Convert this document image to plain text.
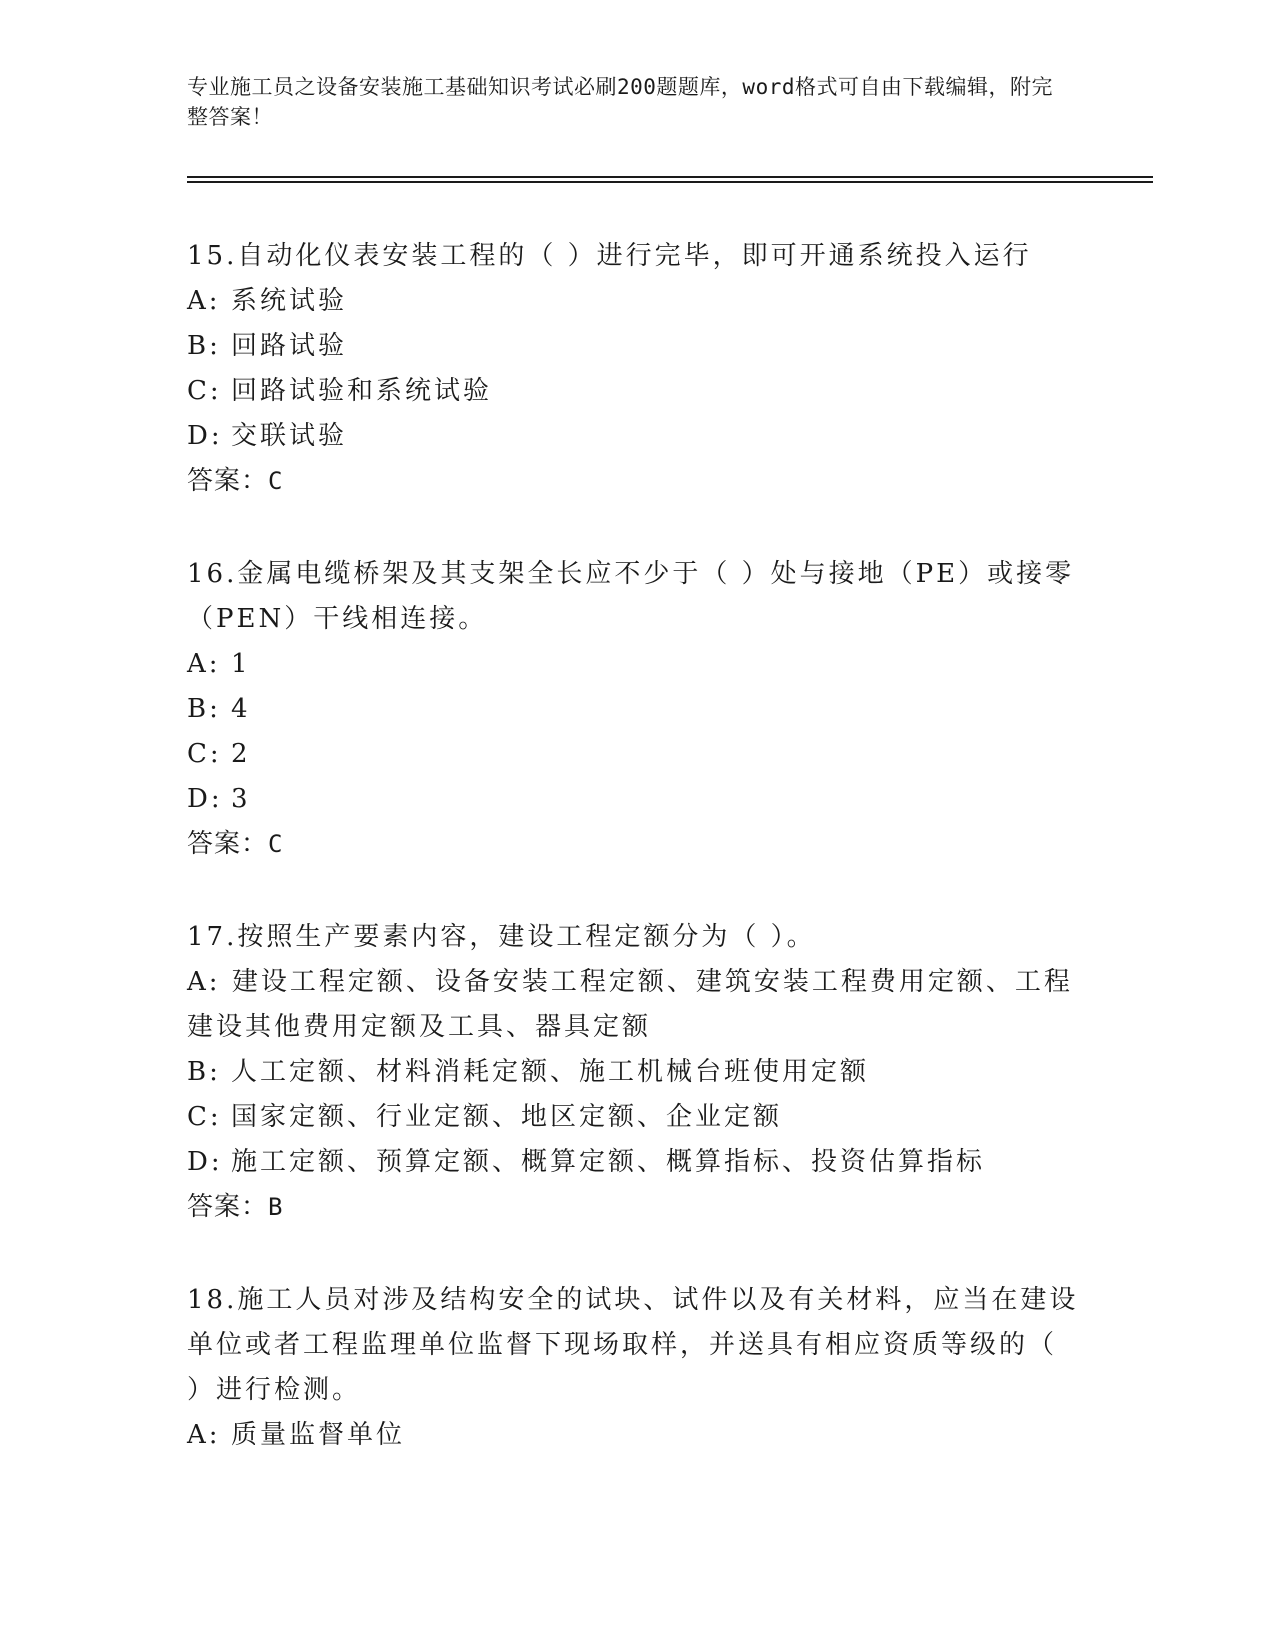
专业施工员之设备安装施工基础知识考试必刷200题题库，word格式可自由下载编辑，附完整答案！
15.自动化仪表安装工程的（ ）进行完毕，即可开通系统投入运行
A: 系统试验
B: 回路试验
C: 回路试验和系统试验
D: 交联试验
答案：C
16.金属电缆桥架及其支架全长应不少于（ ）处与接地（PE）或接零（PEN）干线相连接。
A: 1
B: 4
C: 2
D: 3
答案：C
17.按照生产要素内容，建设工程定额分为（ ）。
A: 建设工程定额、设备安装工程定额、建筑安装工程费用定额、工程建设其他费用定额及工具、器具定额
B: 人工定额、材料消耗定额、施工机械台班使用定额
C: 国家定额、行业定额、地区定额、企业定额
D: 施工定额、预算定额、概算定额、概算指标、投资估算指标
答案：B
18.施工人员对涉及结构安全的试块、试件以及有关材料，应当在建设单位或者工程监理单位监督下现场取样，并送具有相应资质等级的（ ）进行检测。
A: 质量监督单位
